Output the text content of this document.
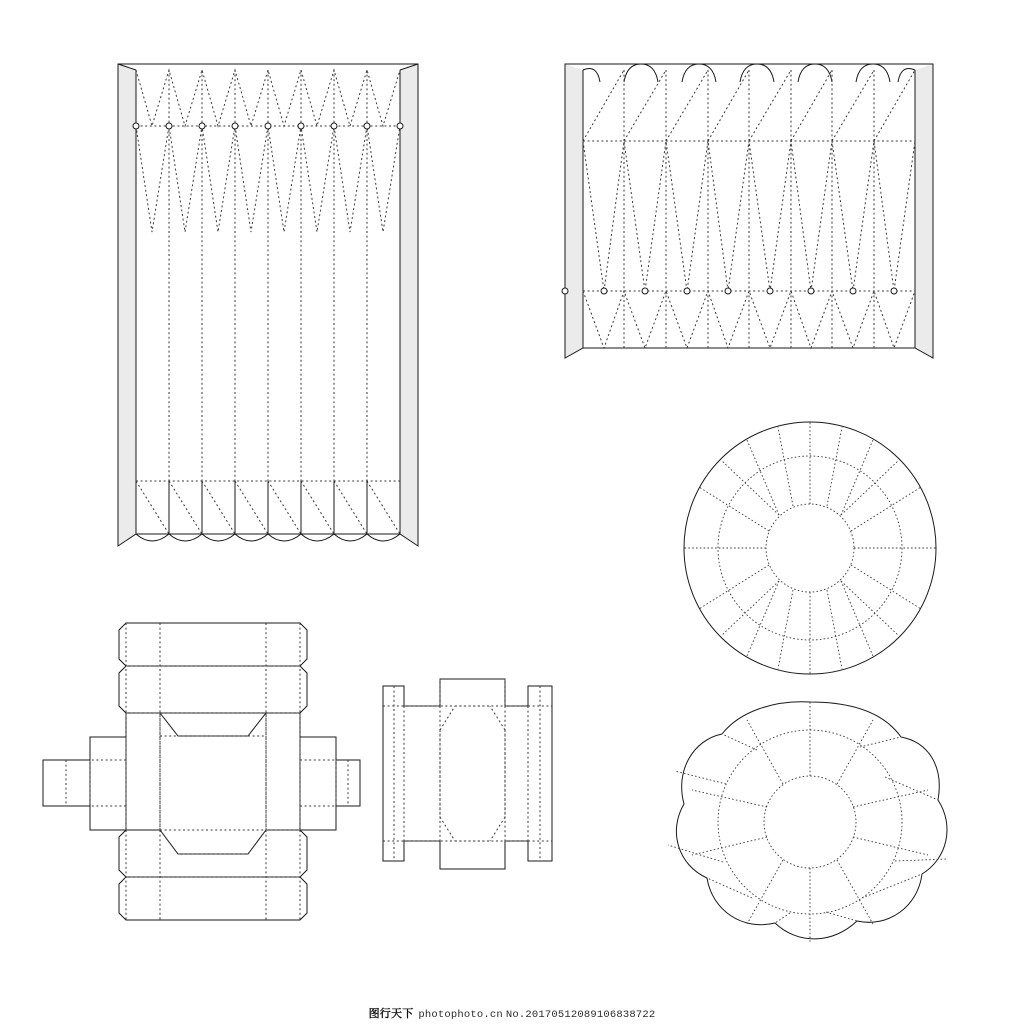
图行天下 photophoto.cn No.20170512089106838722
